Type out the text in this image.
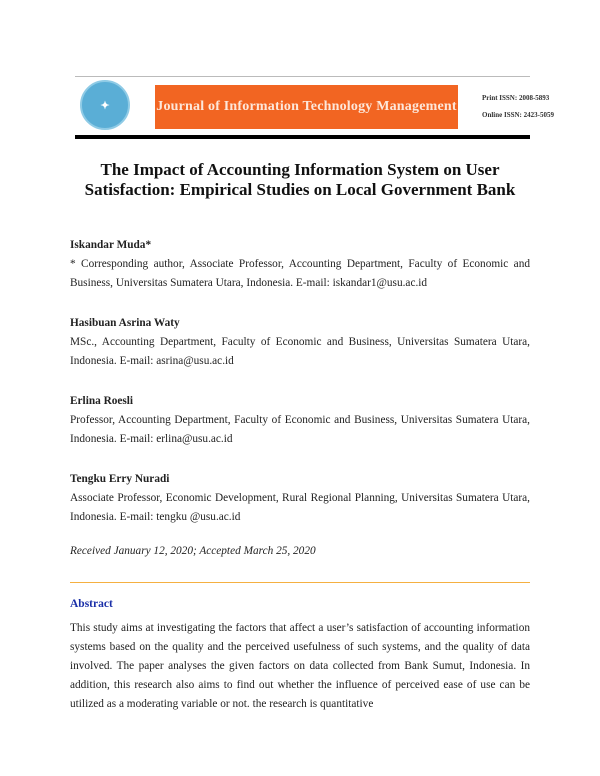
✦	Journal of Information Technology Management
Print ISSN: 2008-5893
Online ISSN: 2423-5059
The Impact of Accounting Information System on User Satisfaction: Empirical Studies on Local Government Bank
Iskandar Muda*
* Corresponding author, Associate Professor, Accounting Department, Faculty of Economic and Business, Universitas Sumatera Utara, Indonesia. E-mail: iskandar1@usu.ac.id
Hasibuan Asrina Waty
MSc., Accounting Department, Faculty of Economic and Business, Universitas Sumatera Utara, Indonesia. E-mail: asrina@usu.ac.id
Erlina Roesli
Professor, Accounting Department, Faculty of Economic and Business, Universitas Sumatera Utara, Indonesia. E-mail: erlina@usu.ac.id
Tengku Erry Nuradi
Associate Professor, Economic Development, Rural Regional Planning, Universitas Sumatera Utara, Indonesia. E-mail: tengku @usu.ac.id
Received January 12, 2020; Accepted March 25, 2020
Abstract
This study aims at investigating the factors that affect a user’s satisfaction of accounting information systems based on the quality and the perceived usefulness of such systems, and the quality of data involved. The paper analyses the given factors on data collected from Bank Sumut, Indonesia. In addition, this research also aims to find out whether the influence of perceived ease of use can be utilized as a moderating variable or not. the research is quantitative
